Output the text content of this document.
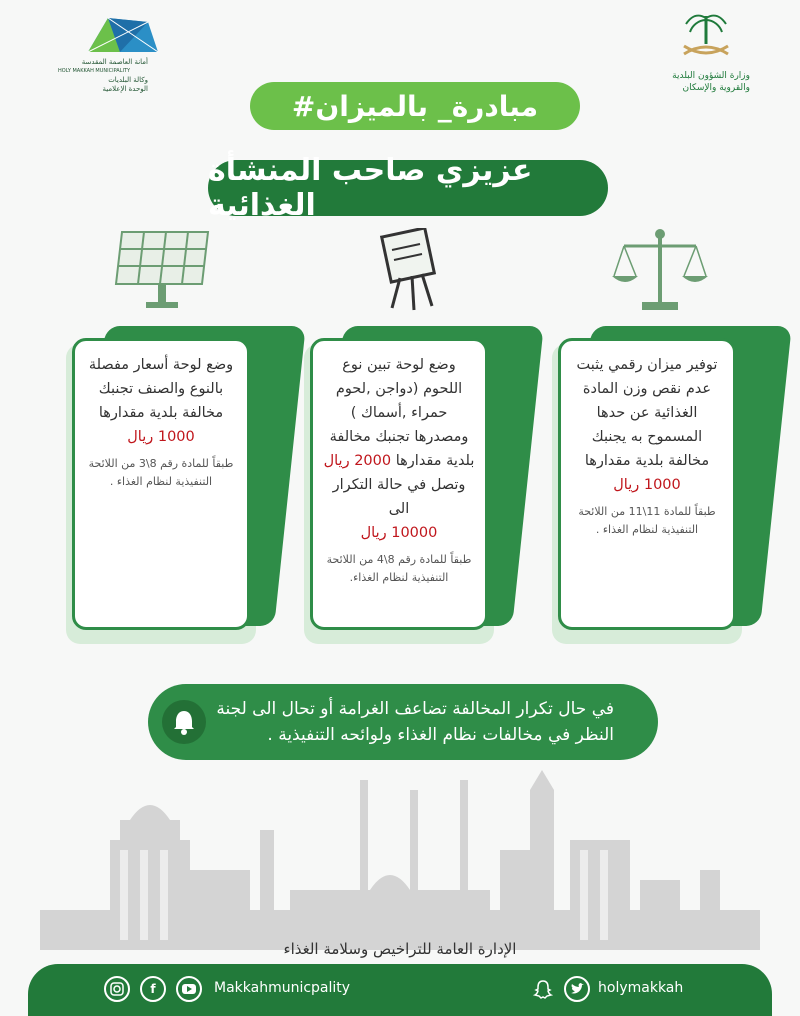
أمانة العاصمة المقدسة
HOLY MAKKAH MUNICIPALITY
وكالة البلديات
الوحدة الإعلامية
وزارة الشؤون البلدية
والقروية والإسكان
#مبادرة_ بالميزان
عزيزي صاحب المنشأة الغذائية
وضع لوحة أسعار مفصلة بالنوع والصنف تجنبك مخالفة بلدية مقدارها
1000 ريال
طبقاً للمادة رقم 8\3 من اللائحة التنفيذية لنظام الغذاء .
وضع لوحة تبين نوع اللحوم (دواجن ,لحوم حمراء ,أسماك ) ومصدرها تجنبك مخالفة بلدية مقدارها 2000 ريال وتصل في حالة التكرار الى
10000 ريال
طبقاً للمادة رقم 8\4 من اللائحة التنفيذية لنظام الغذاء.
توفير ميزان رقمي يثبت عدم نقص وزن المادة الغذائية عن حدها المسموح به يجنبك مخالفة بلدية مقدارها 1000 ريال
طبقاً للمادة 11\11 من اللائحة التنفيذية لنظام الغذاء .
في حال تكرار المخالفة تضاعف الغرامة أو تحال الى لجنة النظر في مخالفات نظام الغذاء ولوائحه التنفيذية .
الإدارة العامة للتراخيص وسلامة الغذاء
f	Makkahmunicpality	holymakkah
